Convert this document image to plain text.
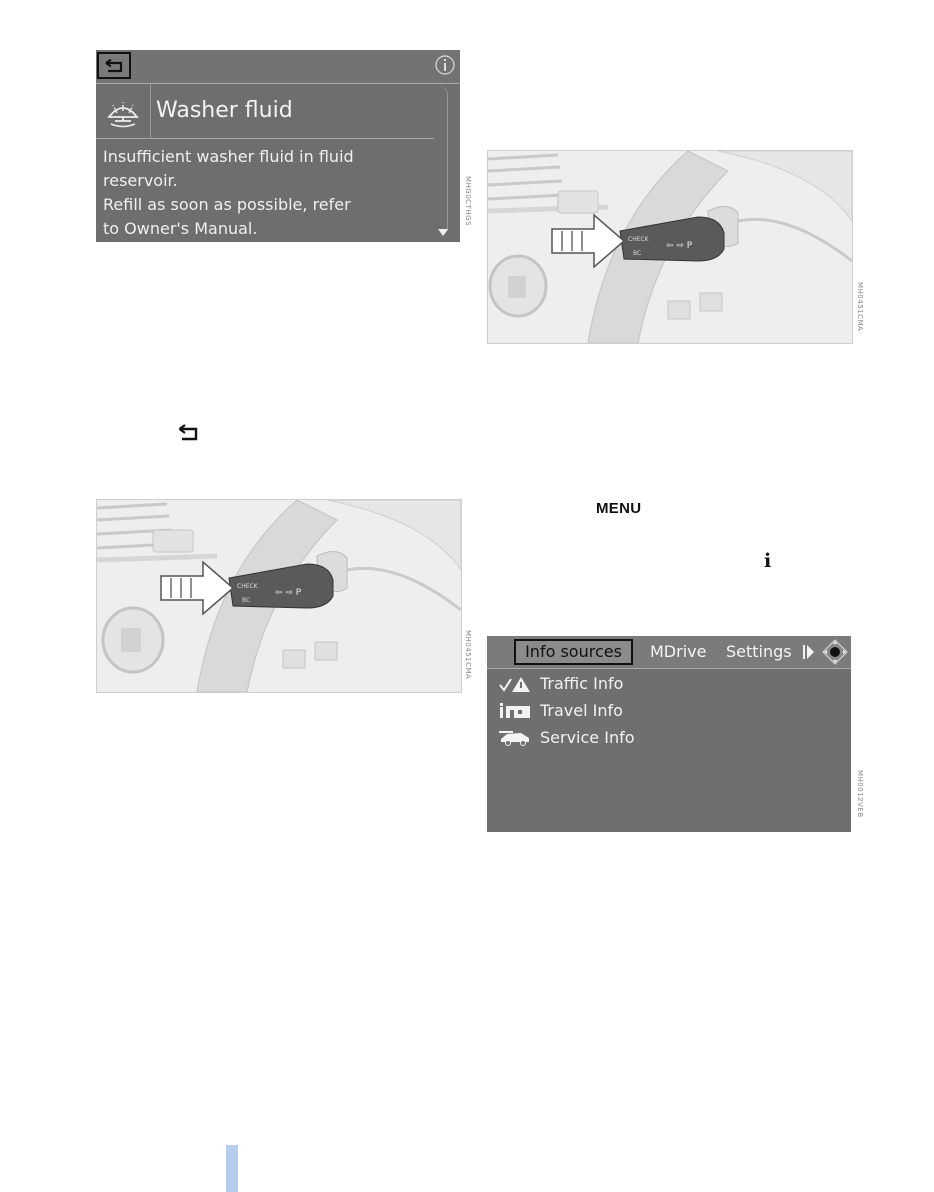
Washer fluid
Insufficient washer fluid in fluid
reservoir.
Refill as soon as possible, refer
to Owner's Manual.
MHG0CTHGS
CHECK
BC
⇦ ⇨ P
MH0451CMA
CHECK
BC
⇦ ⇨ P
MH0451CMA
MENU
i
Info sources	MDrive Settings
Traffic Info
Travel Info
Service Info
MH0012VEB
